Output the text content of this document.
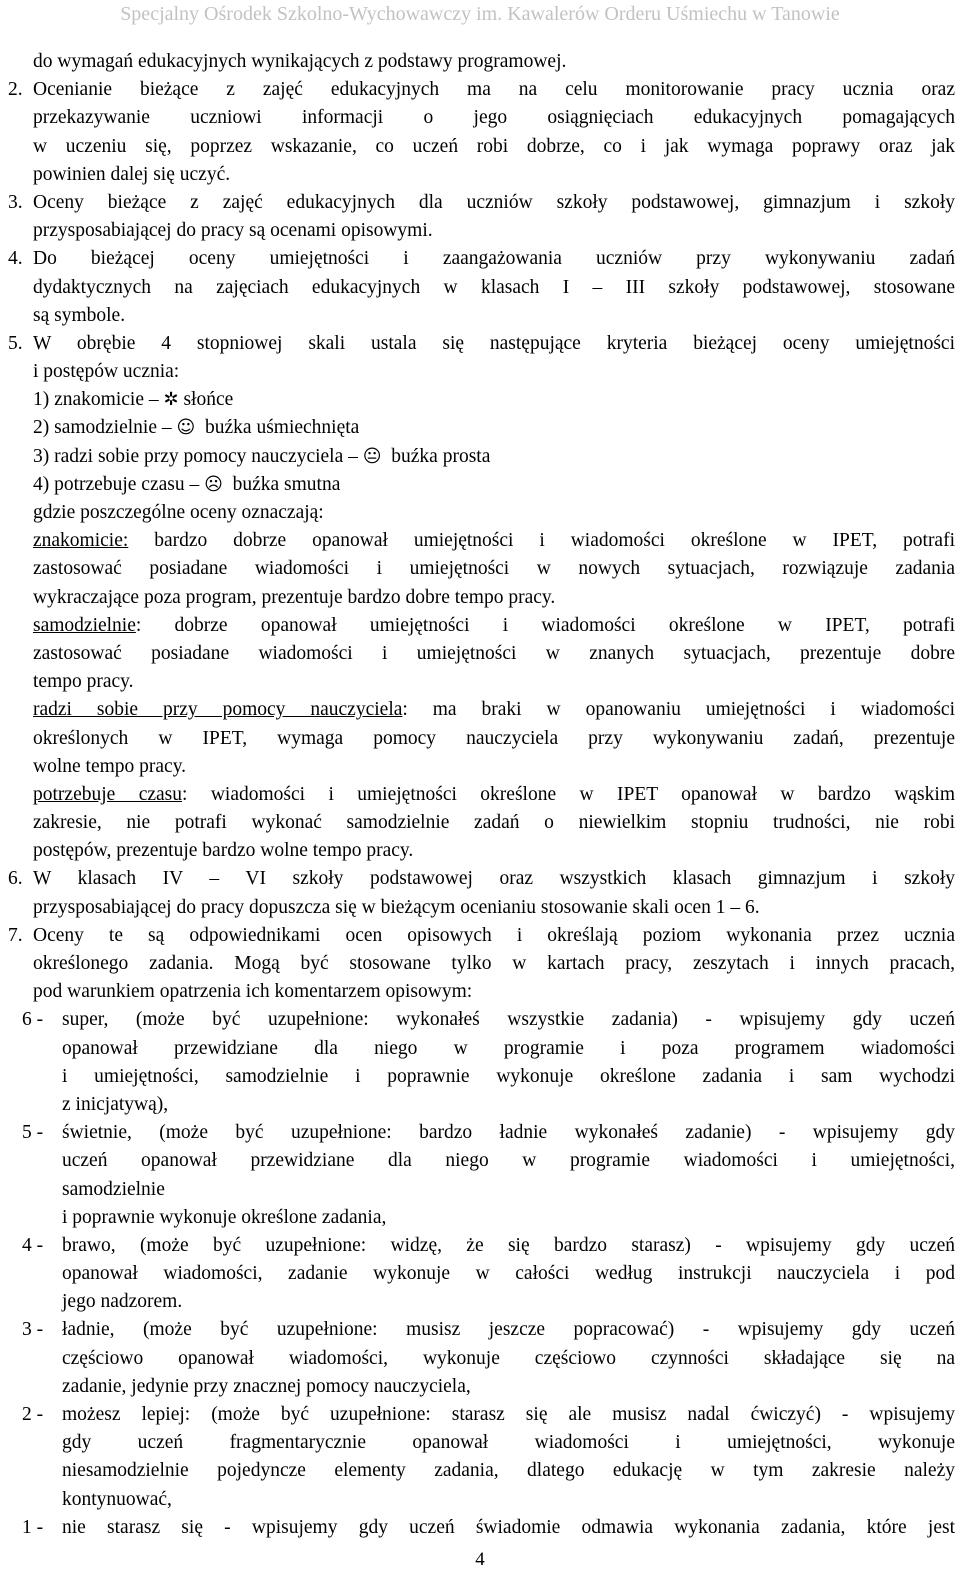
Specjalny Ośrodek Szkolno-Wychowawczy im. Kawalerów Orderu Uśmiechu w Tanowie
do wymagań edukacyjnych wynikających z podstawy programowej.
2. Ocenianie bieżące z zajęć edukacyjnych ma na celu monitorowanie pracy ucznia oraz
przekazywanie uczniowi informacji o jego osiągnięciach edukacyjnych pomagających
w uczeniu się, poprzez wskazanie, co uczeń robi dobrze, co i jak wymaga poprawy oraz jak
powinien dalej się uczyć.
3. Oceny bieżące z zajęć edukacyjnych dla uczniów szkoły podstawowej, gimnazjum i szkoły
przysposabiającej do pracy są ocenami opisowymi.
4. Do bieżącej oceny umiejętności i zaangażowania uczniów przy wykonywaniu zadań
dydaktycznych na zajęciach edukacyjnych w klasach I – III szkoły podstawowej, stosowane
są symbole.
5. W obrębie 4 stopniowej skali ustala się następujące kryteria bieżącej oceny umiejętności
i postępów ucznia:
1) znakomicie – ✲ słońce
2) samodzielnie – ☺  buźka uśmiechnięta
3) radzi sobie przy pomocy nauczyciela – 😐  buźka prosta
4) potrzebuje czasu – ☹  buźka smutna
gdzie poszczególne oceny oznaczają:
znakomicie: bardzo dobrze opanował umiejętności i wiadomości określone w IPET, potrafi
zastosować posiadane wiadomości i umiejętności w nowych sytuacjach, rozwiązuje zadania
wykraczające poza program, prezentuje bardzo dobre tempo pracy.
samodzielnie: dobrze opanował umiejętności i wiadomości określone w IPET, potrafi
zastosować posiadane wiadomości i umiejętności w znanych sytuacjach, prezentuje dobre
tempo pracy.
radzi sobie przy pomocy nauczyciela: ma braki w opanowaniu umiejętności i wiadomości
określonych w IPET, wymaga pomocy nauczyciela przy wykonywaniu zadań, prezentuje
wolne tempo pracy.
potrzebuje czasu: wiadomości i umiejętności określone w IPET opanował w bardzo wąskim
zakresie, nie potrafi wykonać samodzielnie zadań o niewielkim stopniu trudności, nie robi
postępów, prezentuje bardzo wolne tempo pracy.
6. W klasach IV – VI szkoły podstawowej oraz wszystkich klasach gimnazjum i szkoły
przysposabiającej do pracy dopuszcza się w bieżącym ocenianiu stosowanie skali ocen 1 – 6.
7. Oceny te są odpowiednikami ocen opisowych i określają poziom wykonania przez ucznia
określonego zadania. Mogą być stosowane tylko w kartach pracy, zeszytach i innych pracach,
pod warunkiem opatrzenia ich komentarzem opisowym:
6 - super, (może być uzupełnione: wykonałeś wszystkie zadania) - wpisujemy gdy uczeń
opanował przewidziane dla niego w programie i poza programem wiadomości
i umiejętności, samodzielnie i poprawnie wykonuje określone zadania i sam wychodzi
z inicjatywą),
5 - świetnie, (może być uzupełnione: bardzo ładnie wykonałeś zadanie) - wpisujemy gdy
uczeń opanował przewidziane dla niego w programie wiadomości i umiejętności,
samodzielnie
i poprawnie wykonuje określone zadania,
4 - brawo, (może być uzupełnione: widzę, że się bardzo starasz) - wpisujemy gdy uczeń
opanował wiadomości, zadanie wykonuje w całości według instrukcji nauczyciela i pod
jego nadzorem.
3 - ładnie, (może być uzupełnione: musisz jeszcze popracować) - wpisujemy gdy uczeń
częściowo opanował wiadomości, wykonuje częściowo czynności składające się na
zadanie, jedynie przy znacznej pomocy nauczyciela,
2 - możesz lepiej: (może być uzupełnione: starasz się ale musisz nadal ćwiczyć) - wpisujemy
gdy uczeń fragmentarycznie opanował wiadomości i umiejętności, wykonuje
niesamodzielnie pojedyncze elementy zadania, dlatego edukację w tym zakresie należy
kontynuować,
1 - nie starasz się - wpisujemy gdy uczeń świadomie odmawia wykonania zadania, które jest
4
